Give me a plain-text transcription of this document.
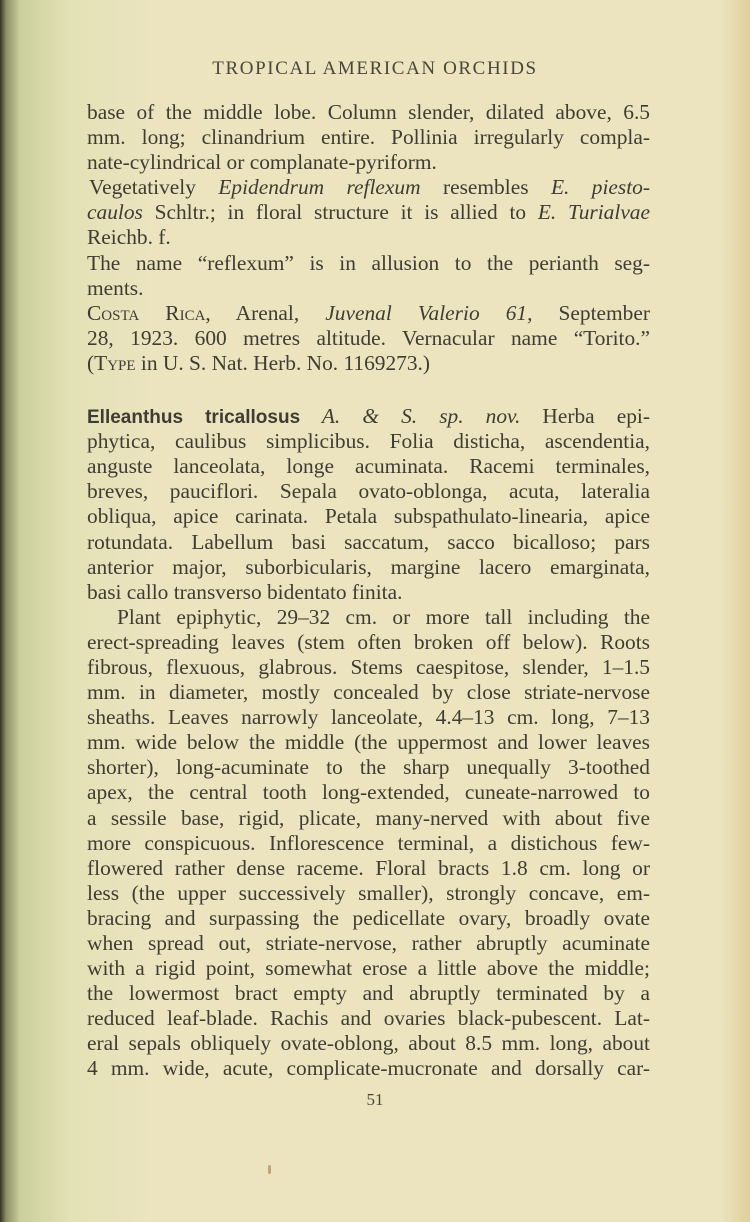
TROPICAL AMERICAN ORCHIDS
base of the middle lobe. Column slender, dilated above, 6.5
mm. long; clinandrium entire. Pollinia irregularly compla-
nate-cylindrical or complanate-pyriform.
Vegetatively Epidendrum reflexum resembles E. piesto-
caulos Schltr.; in floral structure it is allied to E. Turialvae
Reichb. f.
The name “reflexum” is in allusion to the perianth seg-
ments.
Costa Rica, Arenal, Juvenal Valerio 61, September
28, 1923. 600 metres altitude. Vernacular name “Torito.”
(Type in U. S. Nat. Herb. No. 1169273.)
Elleanthus tricallosus A. & S. sp. nov. Herba epi-
phytica, caulibus simplicibus. Folia disticha, ascendentia,
anguste lanceolata, longe acuminata. Racemi terminales,
breves, pauciflori. Sepala ovato-oblonga, acuta, lateralia
obliqua, apice carinata. Petala subspathulato-linearia, apice
rotundata. Labellum basi saccatum, sacco bicalloso; pars
anterior major, suborbicularis, margine lacero emarginata,
basi callo transverso bidentato finita.
Plant epiphytic, 29–32 cm. or more tall including the
erect-spreading leaves (stem often broken off below). Roots
fibrous, flexuous, glabrous. Stems caespitose, slender, 1–1.5
mm. in diameter, mostly concealed by close striate-nervose
sheaths. Leaves narrowly lanceolate, 4.4–13 cm. long, 7–13
mm. wide below the middle (the uppermost and lower leaves
shorter), long-acuminate to the sharp unequally 3-toothed
apex, the central tooth long-extended, cuneate-narrowed to
a sessile base, rigid, plicate, many-nerved with about five
more conspicuous. Inflorescence terminal, a distichous few-
flowered rather dense raceme. Floral bracts 1.8 cm. long or
less (the upper successively smaller), strongly concave, em-
bracing and surpassing the pedicellate ovary, broadly ovate
when spread out, striate-nervose, rather abruptly acuminate
with a rigid point, somewhat erose a little above the middle;
the lowermost bract empty and abruptly terminated by a
reduced leaf-blade. Rachis and ovaries black-pubescent. Lat-
eral sepals obliquely ovate-oblong, about 8.5 mm. long, about
4 mm. wide, acute, complicate-mucronate and dorsally car-
51
